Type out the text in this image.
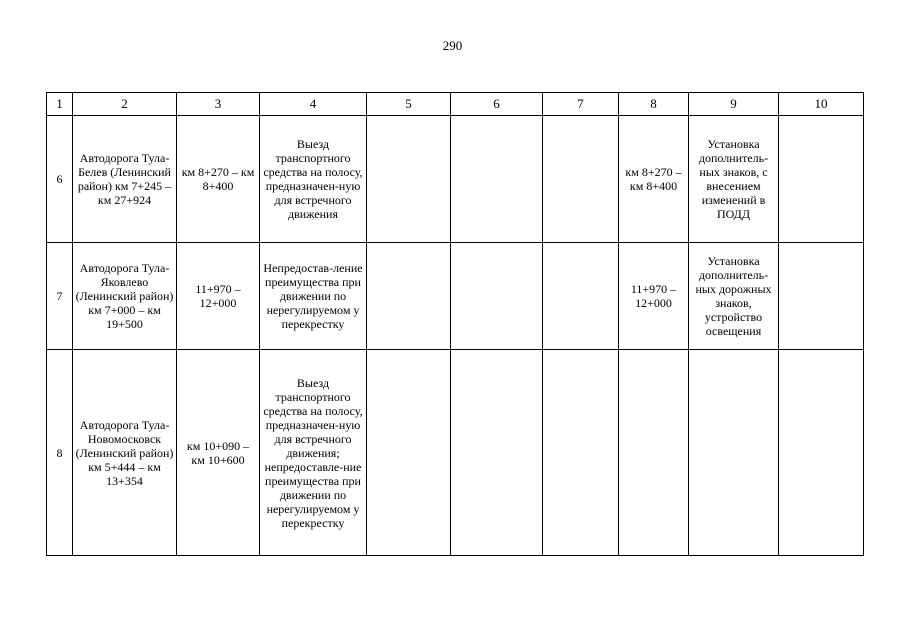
290
1	2	3	4	5	6	7	8	9	10
6	Автодорога Тула-Белев (Ленинский район) км 7+245 – км 27+924	км 8+270 – км 8+400	Выезд транспортного средства на полосу, предназначен-ную для встречного движения				км 8+270 – км 8+400	Установка дополнитель-ных знаков, с внесением изменений в ПОДД	
7	Автодорога Тула-Яковлево (Ленинский район) км 7+000 – км 19+500	11+970 – 12+000	Непредостав-ление преимущества при движении по нерегулируемом у перекрестку				11+970 – 12+000	Установка дополнитель-ных дорожных знаков, устройство освещения	
8	Автодорога Тула-Новомосковск (Ленинский район) км 5+444 – км 13+354	км 10+090 – км 10+600	Выезд транспортного средства на полосу, предназначен-ную для встречного движения; непредоставле-ние преимущества при движении по нерегулируемом у перекрестку						
